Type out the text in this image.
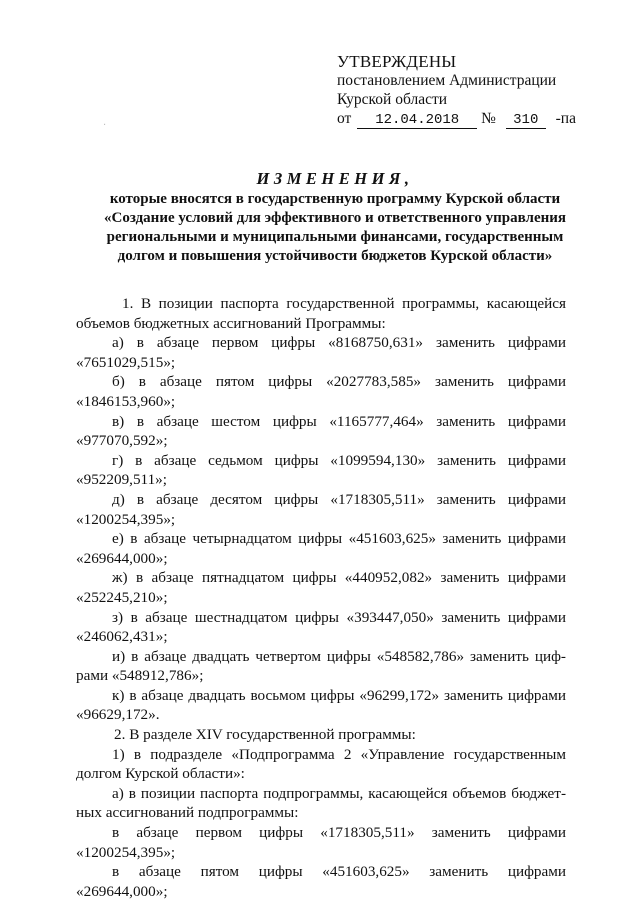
·
УТВЕРЖДЕНЫ
постановлением Администрации
Курской области
от 12.04.2018 № 310 -па
ИЗМЕНЕНИЯ,
которые вносятся в государственную программу Курской области
«Создание условий для эффективного и ответственного управления
региональными и муниципальными финансами, государственным
долгом и повышения устойчивости бюджетов Курской области»

1. В позиции паспорта государственной программы, касающейся объемов бюджетных ассигнований Программы:

а) в абзаце первом цифры «8168750,631» заменить цифрами

«7651029,515»;

б) в абзаце пятом цифры «2027783,585» заменить цифрами

«1846153,960»;

в) в абзаце шестом цифры «1165777,464» заменить цифрами

«977070,592»;

г) в абзаце седьмом цифры «1099594,130» заменить цифрами

«952209,511»;

д) в абзаце десятом цифры «1718305,511» заменить цифрами

«1200254,395»;

е) в абзаце четырнадцатом цифры «451603,625» заменить цифрами

«269644,000»;

ж) в абзаце пятнадцатом цифры «440952,082» заменить цифрами

«252245,210»;

з) в абзаце шестнадцатом цифры «393447,050» заменить цифрами

«246062,431»;

и) в абзаце двадцать четвертом цифры «548582,786» заменить циф-

рами «548912,786»;

к) в абзаце двадцать восьмом цифры «96299,172» заменить цифрами

«96629,172».

2. В разделе XIV государственной программы:

1) в подразделе «Подпрограмма 2 «Управление государственным

долгом Курской области»:

а) в позиции паспорта подпрограммы, касающейся объемов бюджет-

ных ассигнований подпрограммы:

в абзаце первом цифры «1718305,511» заменить цифрами

«1200254,395»;

в абзаце пятом цифры «451603,625» заменить цифрами

«269644,000»;
